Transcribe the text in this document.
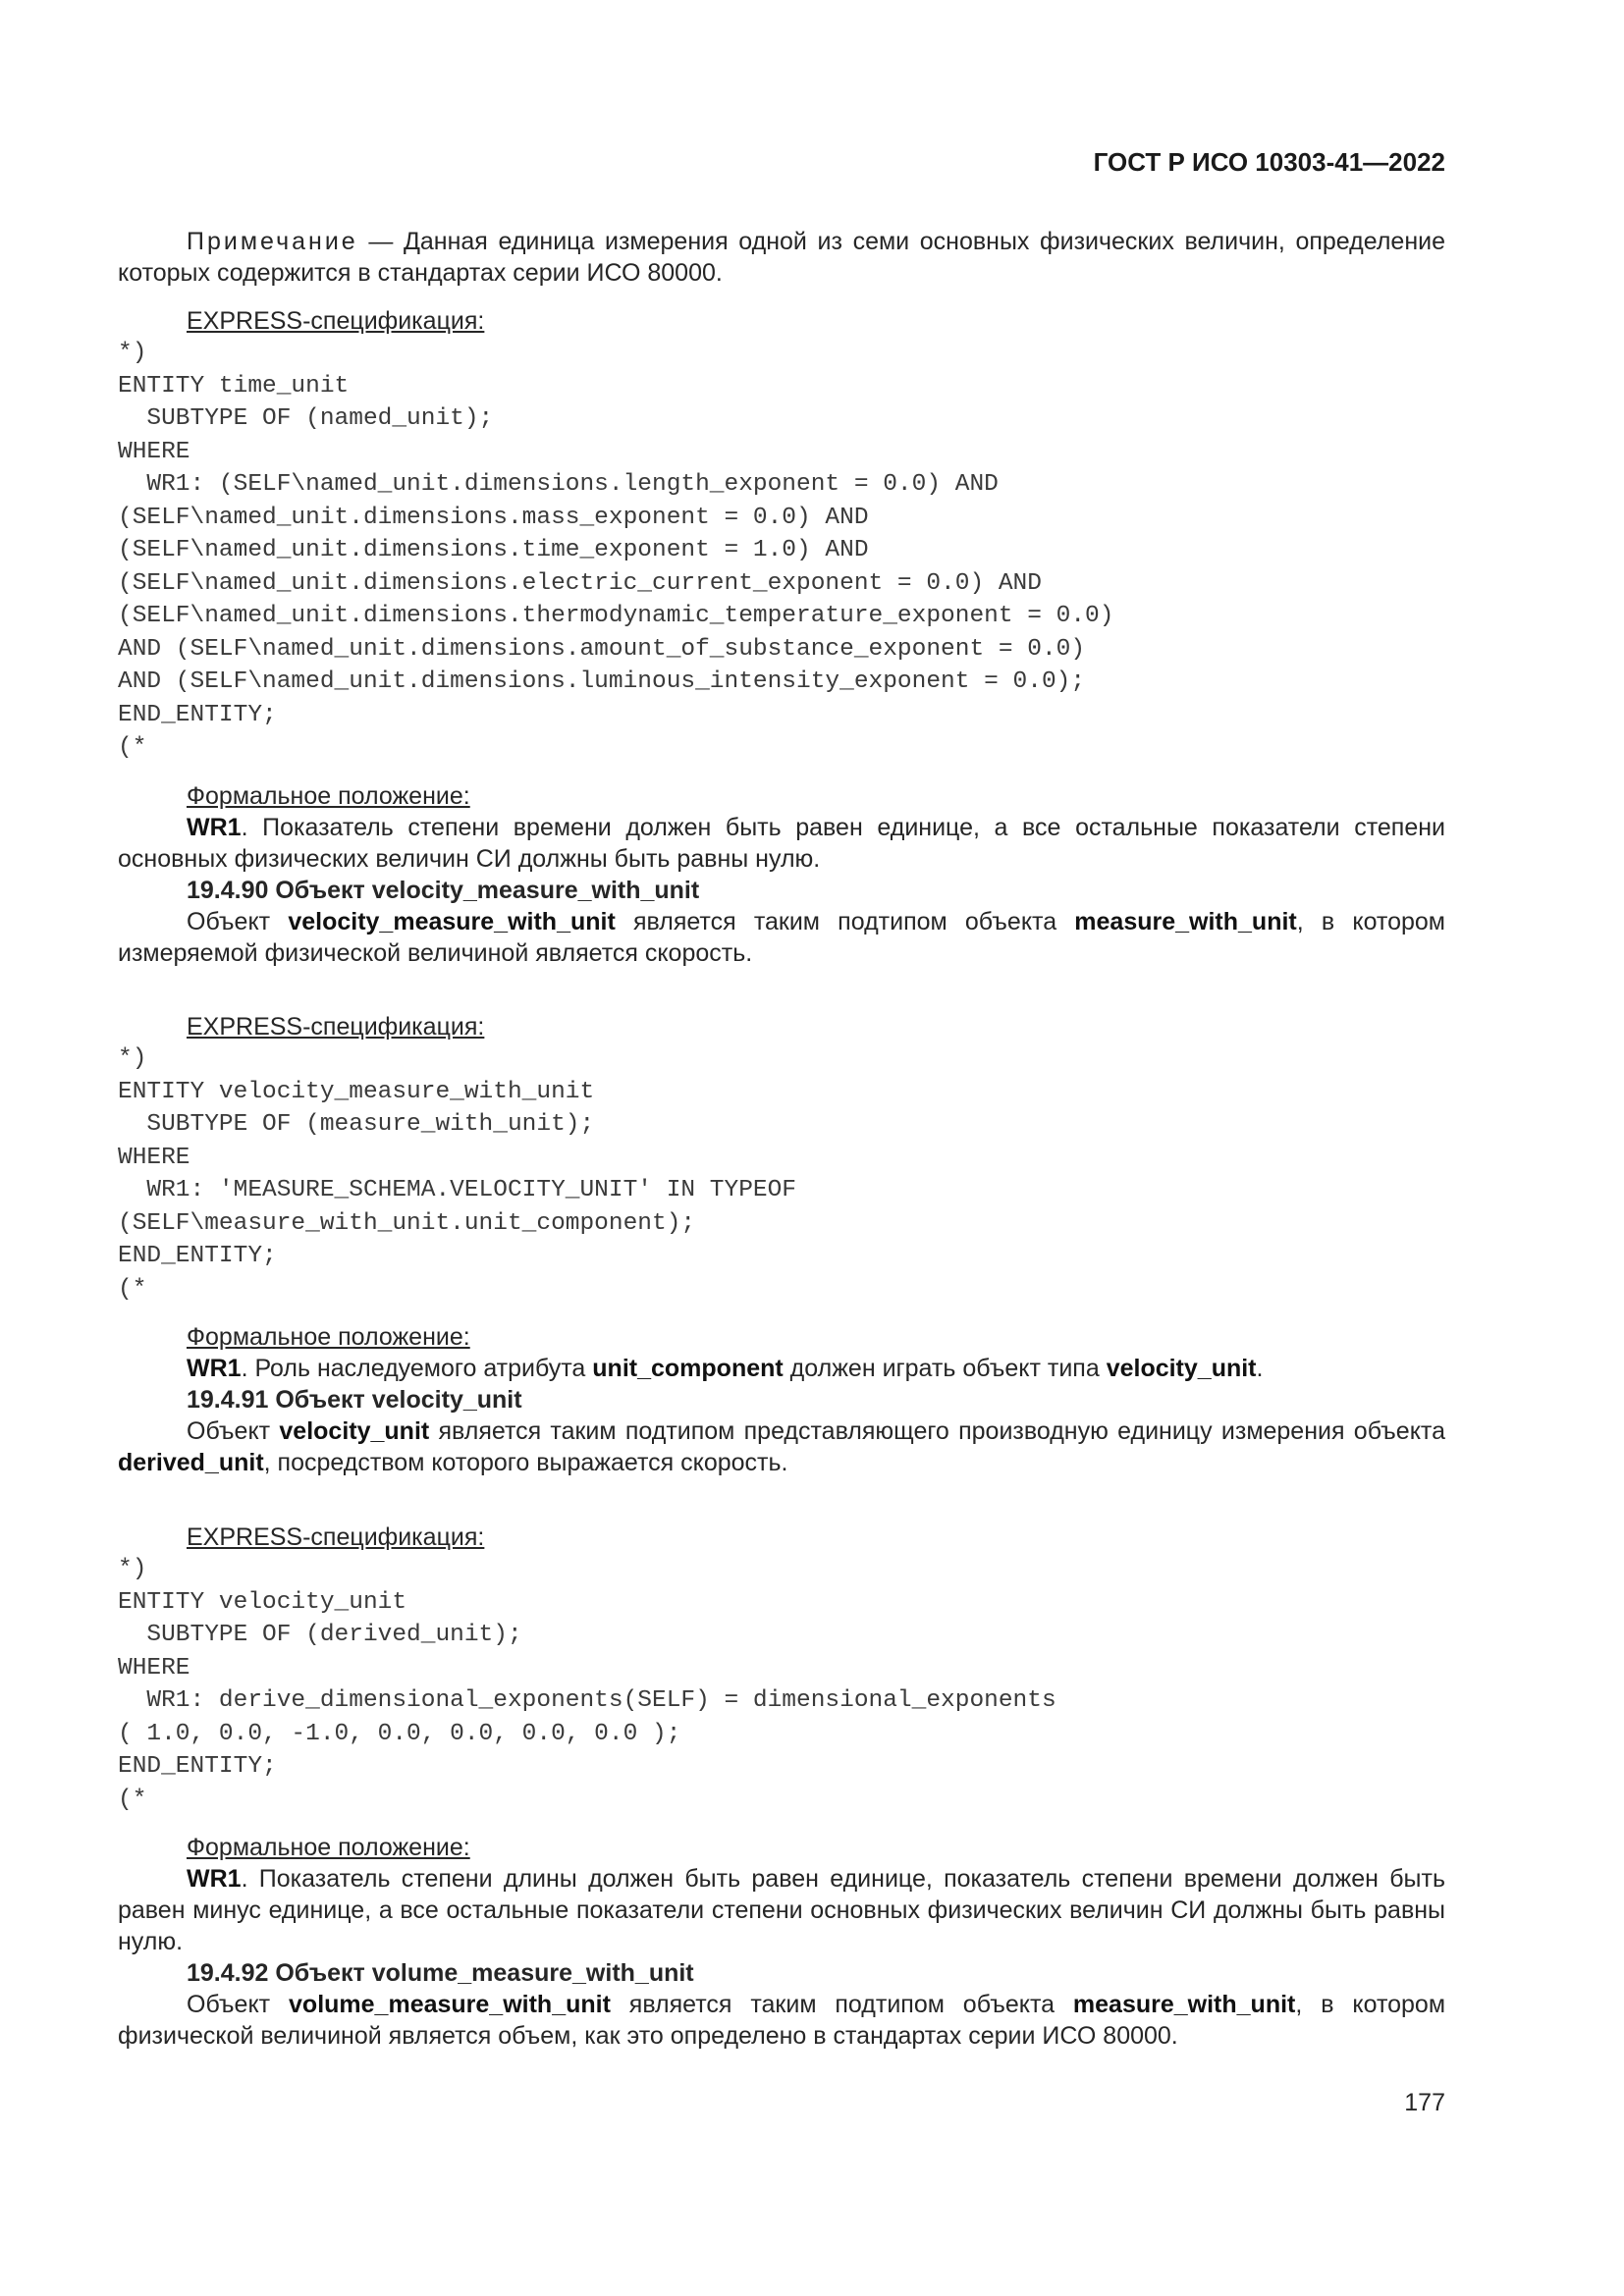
ГОСТ Р ИСО 10303-41—2022

Примечание — Данная единица измерения одной из семи основных физических величин, определение которых содержится в стандартах серии ИСО 80000.

EXPRESS-спецификация:

*)
ENTITY time_unit
SUBTYPE OF (named_unit);
WHERE
WR1: (SELF\named_unit.dimensions.length_exponent = 0.0) AND
(SELF\named_unit.dimensions.mass_exponent = 0.0) AND
(SELF\named_unit.dimensions.time_exponent = 1.0) AND
(SELF\named_unit.dimensions.electric_current_exponent = 0.0) AND
(SELF\named_unit.dimensions.thermodynamic_temperature_exponent = 0.0)
AND (SELF\named_unit.dimensions.amount_of_substance_exponent = 0.0)
AND (SELF\named_unit.dimensions.luminous_intensity_exponent = 0.0);
END_ENTITY;
(*

Формальное положение:

WR1. Показатель степени времени должен быть равен единице, а все остальные показатели степени основных физических величин СИ должны быть равны нулю.

19.4.90 Объект velocity_measure_with_unit

Объект velocity_measure_with_unit является таким подтипом объекта measure_with_unit, в котором измеряемой физической величиной является скорость.

EXPRESS-спецификация:

*)
ENTITY velocity_measure_with_unit
SUBTYPE OF (measure_with_unit);
WHERE
WR1: 'MEASURE_SCHEMA.VELOCITY_UNIT' IN TYPEOF
(SELF\measure_with_unit.unit_component);
END_ENTITY;
(*

Формальное положение:

WR1. Роль наследуемого атрибута unit_component должен играть объект типа velocity_unit.

19.4.91 Объект velocity_unit

Объект velocity_unit является таким подтипом представляющего производную единицу измерения объекта derived_unit, посредством которого выражается скорость.

EXPRESS-спецификация:

*)
ENTITY velocity_unit
SUBTYPE OF (derived_unit);
WHERE
WR1: derive_dimensional_exponents(SELF) = dimensional_exponents
( 1.0, 0.0, -1.0, 0.0, 0.0, 0.0, 0.0 );
END_ENTITY;
(*

Формальное положение:

WR1. Показатель степени длины должен быть равен единице, показатель степени времени должен быть равен минус единице, а все остальные показатели степени основных физических величин СИ должны быть равны нулю.

19.4.92 Объект volume_measure_with_unit

Объект volume_measure_with_unit является таким подтипом объекта measure_with_unit, в котором физической величиной является объем, как это определено в стандартах серии ИСО 80000.

177
